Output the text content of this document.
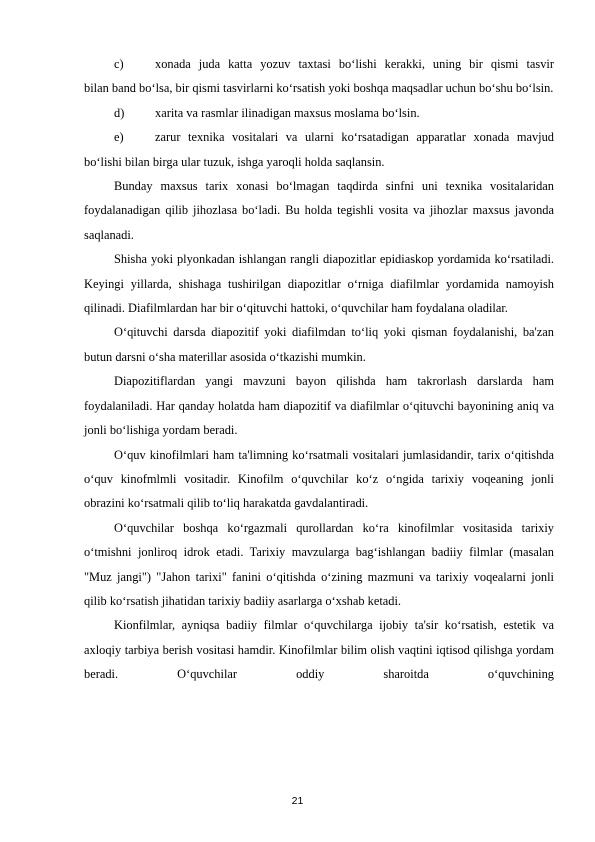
c)	xonada juda katta yozuv taxtasi bo‘lishi kerakki, uning bir qismi tasvir
bilan band bo‘lsa, bir qismi tasvirlarni ko‘rsatish yoki boshqa maqsadlar uchun bo‘shu bo‘lsin.
d)	xarita va rasmlar ilinadigan maxsus moslama bo‘lsin.
e)	zarur texnika vositalari va ularni ko‘rsatadigan apparatlar xonada mavjud
bo‘lishi bilan birga ular tuzuk, ishga yaroqli holda saqlansin.

Bunday maxsus tarix xonasi bo‘lmagan taqdirda sinfni uni texnika vositalaridan foydalanadigan qilib jihozlasa bo‘ladi. Bu holda tegishli vosita va jihozlar maxsus javonda saqlanadi.

Shisha yoki plyonkadan ishlangan rangli diapozitlar epidiaskop yordamida ko‘rsatiladi. Keyingi yillarda, shishaga tushirilgan diapozitlar o‘rniga diafilmlar yordamida namoyish qilinadi. Diafilmlardan har bir o‘qituvchi hattoki, o‘quvchilar ham foydalana oladilar.

O‘qituvchi darsda diapozitif yoki diafilmdan to‘liq yoki qisman foydalanishi, ba'zan butun darsni o‘sha materillar asosida o‘tkazishi mumkin.

Diapozitiflardan yangi mavzuni bayon qilishda ham takrorlash darslarda ham foydalaniladi. Har qanday holatda ham diapozitif va diafilmlar o‘qituvchi bayonining aniq va jonli bo‘lishiga yordam beradi.

O‘quv kinofilmlari ham ta'limning ko‘rsatmali vositalari jumlasidandir, tarix o‘qitishda o‘quv kinofmlmli vositadir. Kinofilm o‘quvchilar ko‘z o‘ngida tarixiy voqeaning jonli obrazini ko‘rsatmali qilib to‘liq harakatda gavdalantiradi.

O‘quvchilar boshqa ko‘rgazmali qurollardan ko‘ra kinofilmlar vositasida tarixiy o‘tmishni jonliroq idrok etadi. Tarixiy mavzularga bag‘ishlangan badiiy filmlar (masalan "Muz jangi") "Jahon tarixi" fanini o‘qitishda o‘zining mazmuni va tarixiy voqealarni jonli qilib ko‘rsatish jihatidan tarixiy badiiy asarlarga o‘xshab ketadi.

Kionfilmlar, ayniqsa badiiy filmlar o‘quvchilarga ijobiy ta'sir ko‘rsatish, estetik va axloqiy tarbiya berish vositasi hamdir. Kinofilmlar bilim olish vaqtini iqtisod qilishga yordam beradi. O‘quvchilar oddiy sharoitda o‘quvchining

21
